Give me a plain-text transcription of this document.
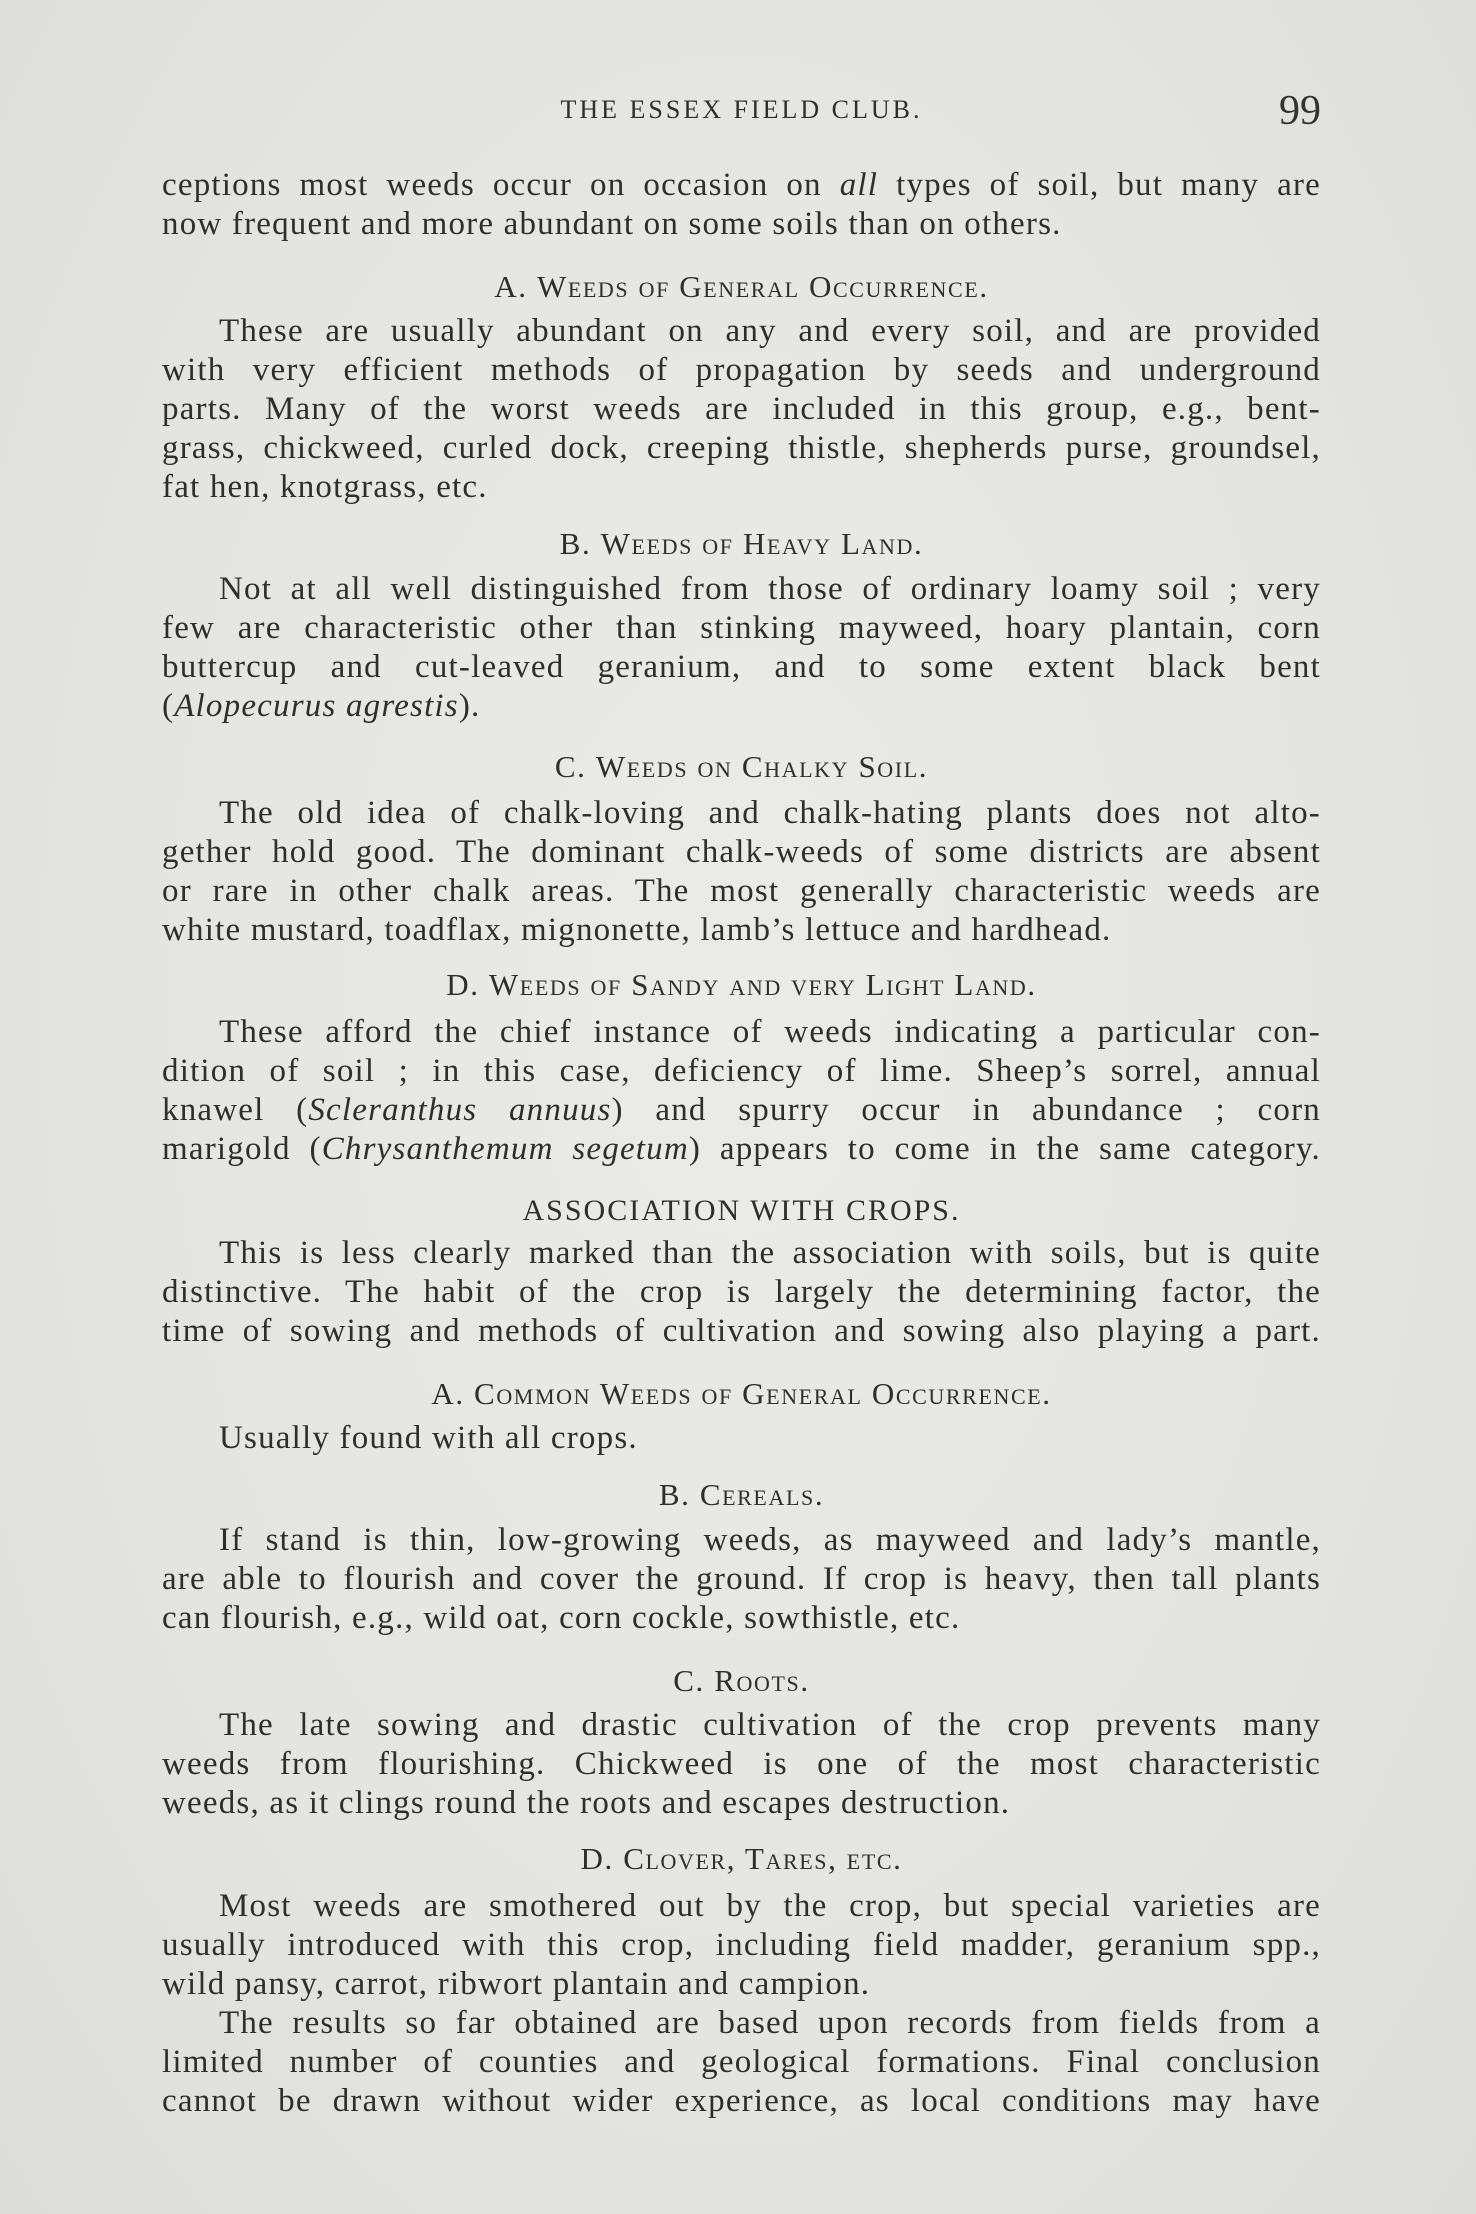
THE ESSEX FIELD CLUB.	99
ceptions most weeds occur on occasion on all types of soil, but many are
now frequent and more abundant on some soils than on others.
A. Weeds of General Occurrence.
These are usually abundant on any and every soil, and are provided
with very efficient methods of propagation by seeds and underground
parts. Many of the worst weeds are included in this group, e.g., bent-
grass, chickweed, curled dock, creeping thistle, shepherds purse, groundsel,
fat hen, knotgrass, etc.
B. Weeds of Heavy Land.
Not at all well distinguished from those of ordinary loamy soil ; very
few are characteristic other than stinking mayweed, hoary plantain, corn
buttercup and cut-leaved geranium, and to some extent black bent
(Alopecurus agrestis).
C. Weeds on Chalky Soil.
The old idea of chalk-loving and chalk-hating plants does not alto-
gether hold good. The dominant chalk-weeds of some districts are absent
or rare in other chalk areas. The most generally characteristic weeds are
white mustard, toadflax, mignonette, lamb’s lettuce and hardhead.
D. Weeds of Sandy and very Light Land.
These afford the chief instance of weeds indicating a particular con-
dition of soil ; in this case, deficiency of lime. Sheep’s sorrel, annual
knawel (Scleranthus annuus) and spurry occur in abundance ; corn
marigold (Chrysanthemum segetum) appears to come in the same category.
ASSOCIATION WITH CROPS.
This is less clearly marked than the association with soils, but is quite
distinctive. The habit of the crop is largely the determining factor, the
time of sowing and methods of cultivation and sowing also playing a part.
A. Common Weeds of General Occurrence.
Usually found with all crops.
B. Cereals.
If stand is thin, low-growing weeds, as mayweed and lady’s mantle,
are able to flourish and cover the ground. If crop is heavy, then tall plants
can flourish, e.g., wild oat, corn cockle, sowthistle, etc.
C. Roots.
The late sowing and drastic cultivation of the crop prevents many
weeds from flourishing. Chickweed is one of the most characteristic
weeds, as it clings round the roots and escapes destruction.
D. Clover, Tares, etc.
Most weeds are smothered out by the crop, but special varieties are
usually introduced with this crop, including field madder, geranium spp.,
wild pansy, carrot, ribwort plantain and campion.
The results so far obtained are based upon records from fields from a
limited number of counties and geological formations. Final conclusion
cannot be drawn without wider experience, as local conditions may have
